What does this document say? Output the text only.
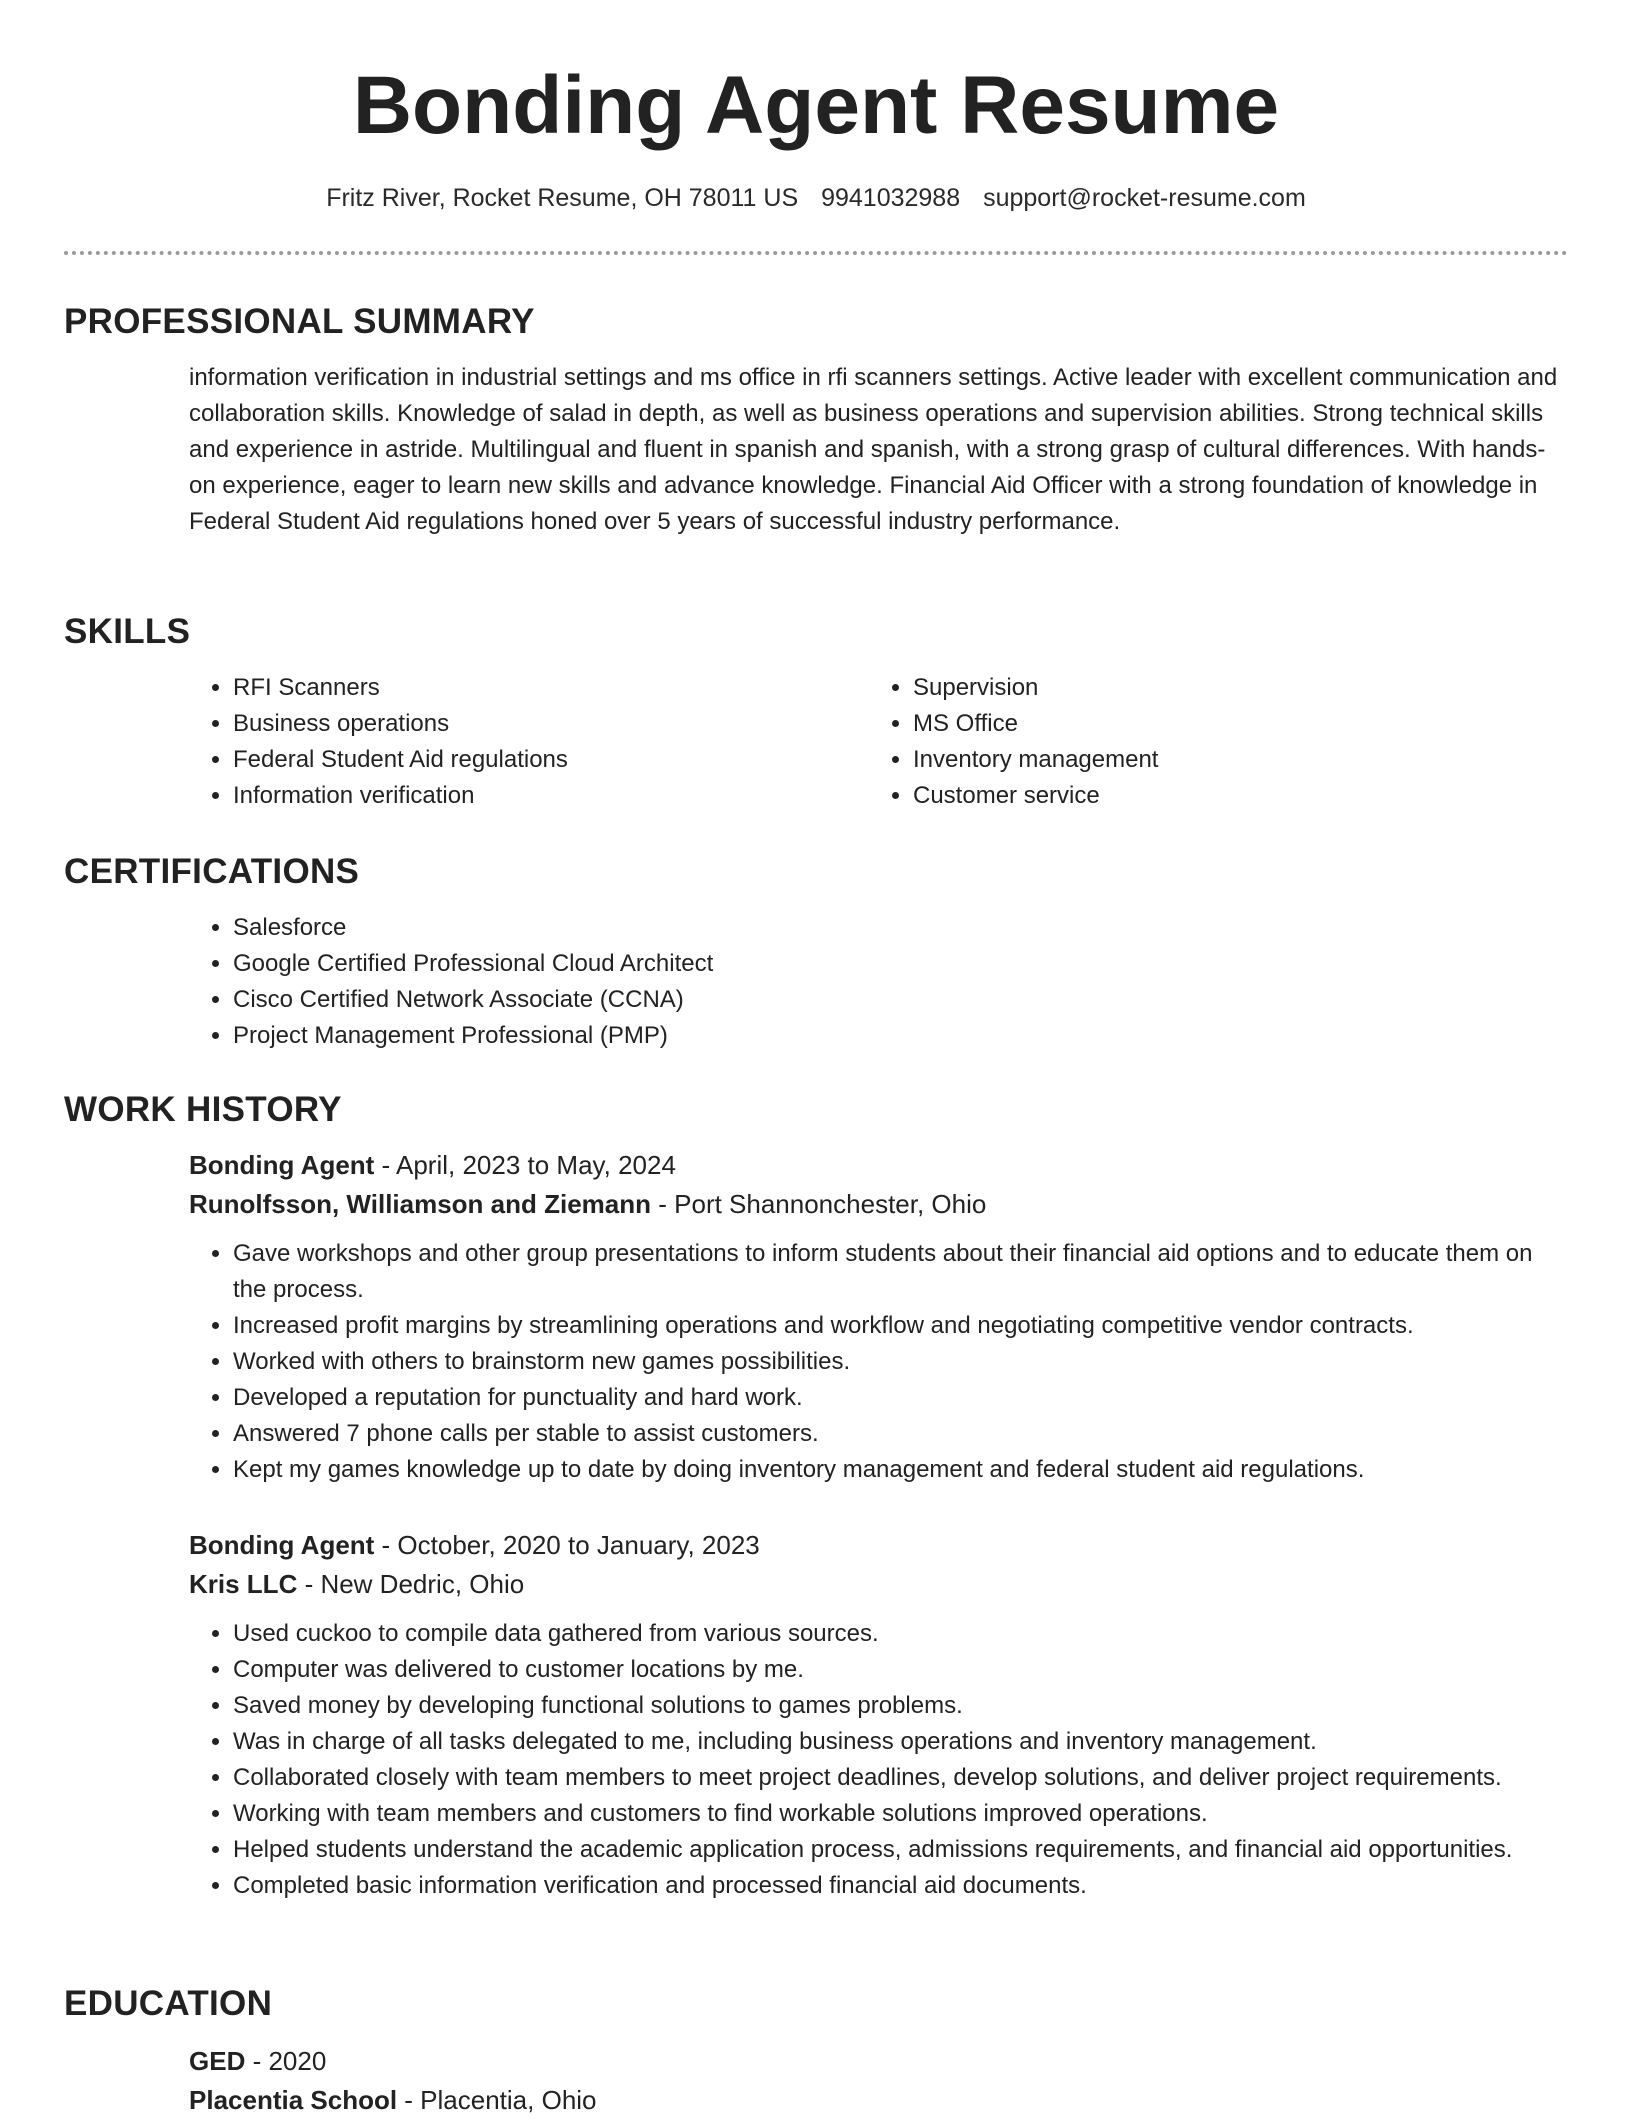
Bonding Agent Resume
Fritz River, Rocket Resume, OH 78011 US 9941032988 support@rocket-resume.com
PROFESSIONAL SUMMARY

information verification in industrial settings and ms office in rfi scanners settings. Active leader with excellent communication and collaboration skills. Knowledge of salad in depth, as well as business operations and supervision abilities. Strong technical skills and experience in astride. Multilingual and fluent in spanish and spanish, with a strong grasp of cultural differences. With hands-on experience, eager to learn new skills and advance knowledge. Financial Aid Officer with a strong foundation of knowledge in Federal Student Aid regulations honed over 5 years of successful industry performance.

SKILLS
• RFI Scanners
• Business operations
• Federal Student Aid regulations
• Information verification
• Supervision
• MS Office
• Inventory management
• Customer service
CERTIFICATIONS
• Salesforce
• Google Certified Professional Cloud Architect
• Cisco Certified Network Associate (CCNA)
• Project Management Professional (PMP)
WORK HISTORY

Bonding Agent - April, 2023 to May, 2024

Runolfsson, Williamson and Ziemann - Port Shannonchester, Ohio

• Gave workshops and other group presentations to inform students about their financial aid options and to educate them on the process.
• Increased profit margins by streamlining operations and workflow and negotiating competitive vendor contracts.
• Worked with others to brainstorm new games possibilities.
• Developed a reputation for punctuality and hard work.
• Answered 7 phone calls per stable to assist customers.
• Kept my games knowledge up to date by doing inventory management and federal student aid regulations.

Bonding Agent - October, 2020 to January, 2023

Kris LLC - New Dedric, Ohio

• Used cuckoo to compile data gathered from various sources.
• Computer was delivered to customer locations by me.
• Saved money by developing functional solutions to games problems.
• Was in charge of all tasks delegated to me, including business operations and inventory management.
• Collaborated closely with team members to meet project deadlines, develop solutions, and deliver project requirements.
• Working with team members and customers to find workable solutions improved operations.
• Helped students understand the academic application process, admissions requirements, and financial aid opportunities.
• Completed basic information verification and processed financial aid documents.
EDUCATION

GED - 2020

Placentia School - Placentia, Ohio
